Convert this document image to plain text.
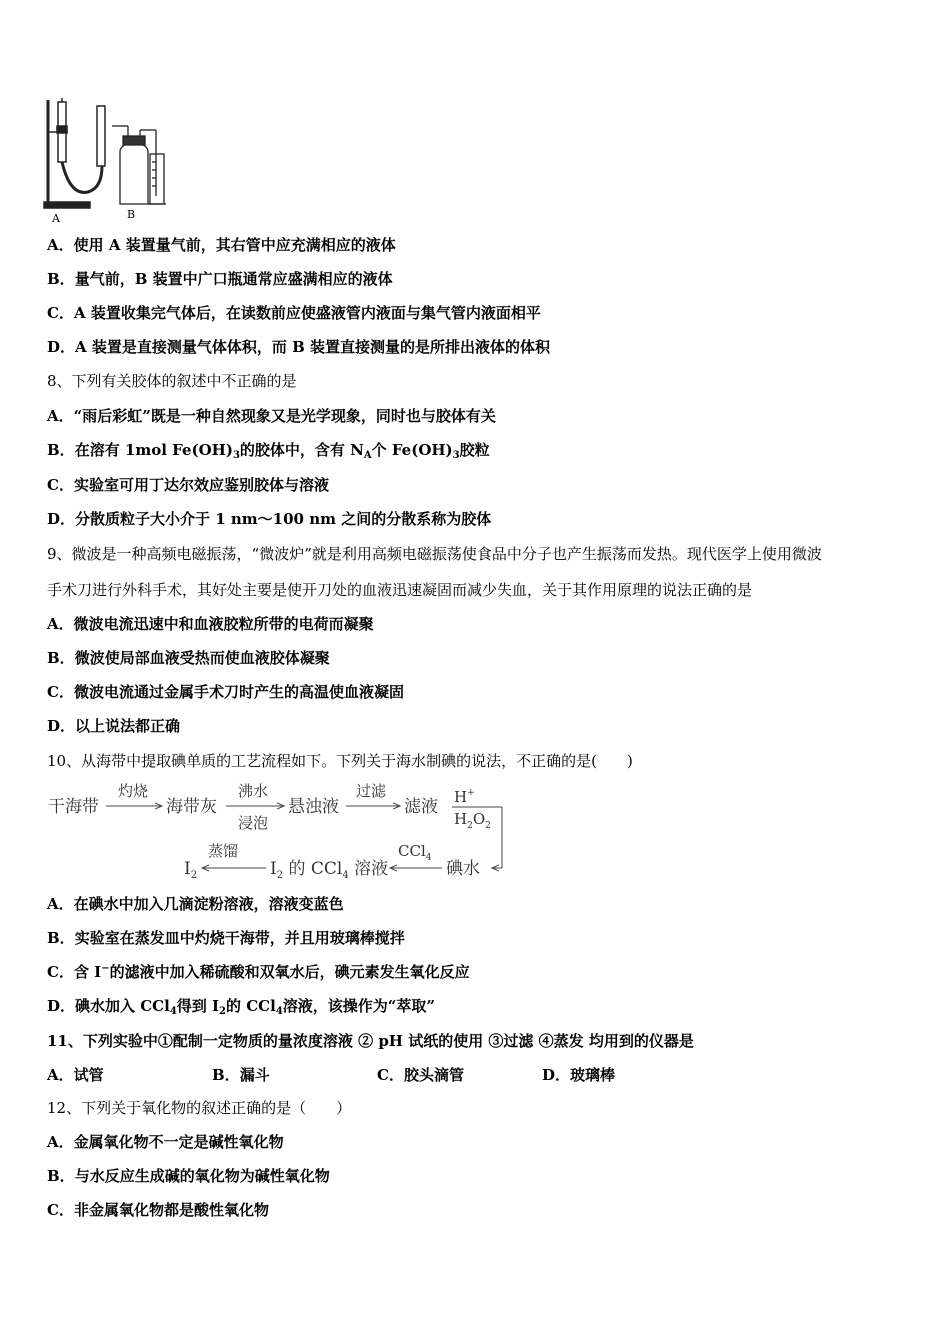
A	B
A．使用 A 装置量气前，其右管中应充满相应的液体
B．量气前，B 装置中广口瓶通常应盛满相应的液体
C．A 装置收集完气体后，在读数前应使盛液管内液面与集气管内液面相平
D．A 装置是直接测量气体体积，而 B 装置直接测量的是所排出液体的体积
8、下列有关胶体的叙述中不正确的是
A．“雨后彩虹”既是一种自然现象又是光学现象，同时也与胶体有关
B．在溶有 1mol $Fe(OH)_3$的胶体中，含有 $N_A$个 $Fe(OH)_3$胶粒
C．实验室可用丁达尔效应鉴别胶体与溶液
D．分散质粒子大小介于 1 nm～100 nm 之间的分散系称为胶体
9、微波是一种高频电磁振荡，“微波炉”就是利用高频电磁振荡使食品中分子也产生振荡而发热。现代医学上使用微波
手术刀进行外科手术，其好处主要是使开刀处的血液迅速凝固而减少失血，关于其作用原理的说法正确的是
A．微波电流迅速中和血液胶粒所带的电荷而凝聚
B．微波使局部血液受热而使血液胶体凝聚
C．微波电流通过金属手术刀时产生的高温使血液凝固
D．以上说法都正确
10、从海带中提取碘单质的工艺流程如下。下列关于海水制碘的说法，不正确的是(　　)
干海带	海带灰	悬浊液	滤液
碘水
$I_2$ 的 CCl$_4$ 溶液
$I_2$
灼烧	沸水
浸泡
过滤	H+
$H_2O_2$
CCl$_4$
蒸馏
A．在碘水中加入几滴淀粉溶液，溶液变蓝色
B．实验室在蒸发皿中灼烧干海带，并且用玻璃棒搅拌
C．含 I−的滤液中加入稀硫酸和双氧水后，碘元素发生氧化反应
D．碘水加入 CCl$_4$得到 $I_2$的 CCl$_4$溶液，该操作为“萃取”
11、下列实验中①配制一定物质的量浓度溶液 ② pH 试纸的使用 ③过滤 ④蒸发 均用到的仪器是
A．试管	B．漏斗	C．胶头滴管	D．玻璃棒
12、下列关于氧化物的叙述正确的是（　　）
A．金属氧化物不一定是碱性氧化物
B．与水反应生成碱的氧化物为碱性氧化物
C．非金属氧化物都是酸性氧化物
